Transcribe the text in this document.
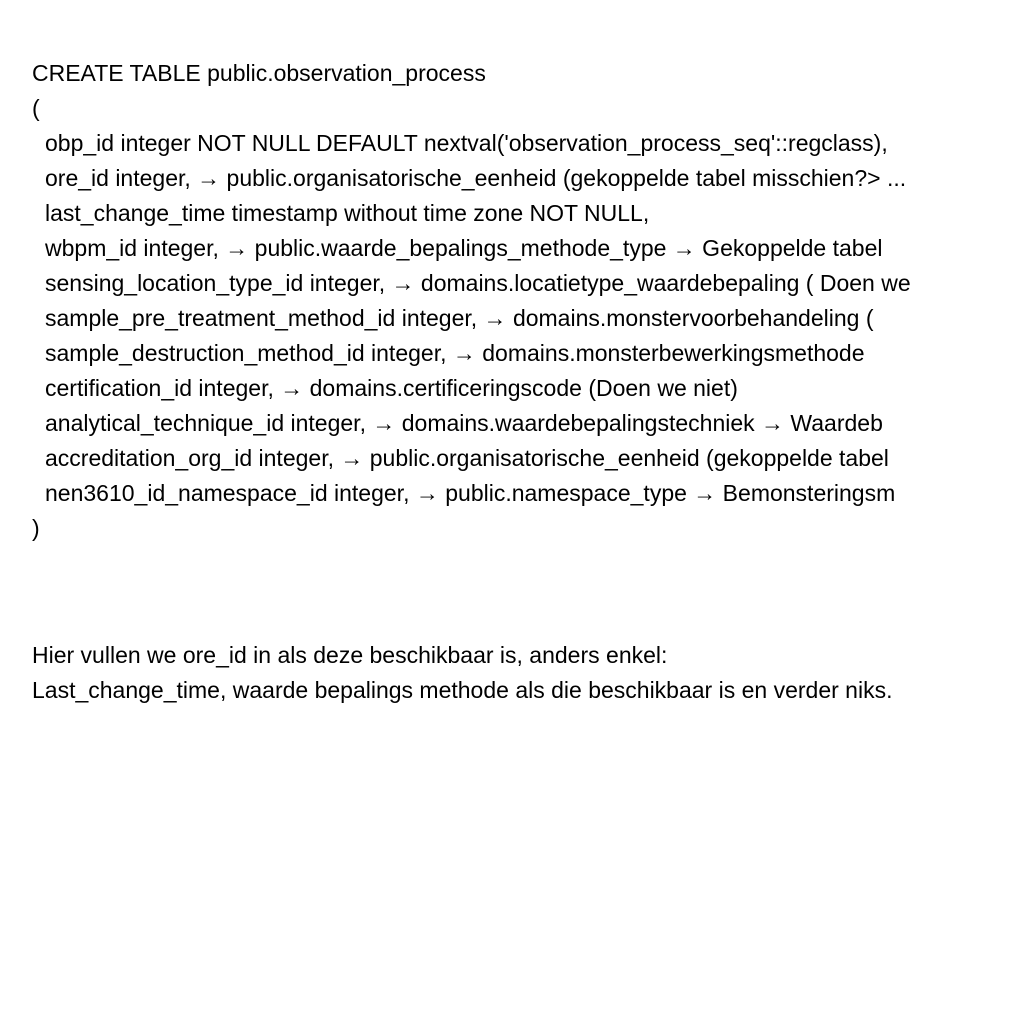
CREATE TABLE public.observation_process
(
obp_id integer NOT NULL DEFAULT nextval('observation_process_seq'::regclass),
ore_id integer, → public.organisatorische_eenheid (gekoppelde tabel misschien?> ...
last_change_time timestamp without time zone NOT NULL,
wbpm_id integer, → public.waarde_bepalings_methode_type → Gekoppelde tabel
sensing_location_type_id integer, → domains.locatietype_waardebepaling ( Doen we
sample_pre_treatment_method_id integer, → domains.monstervoorbehandeling (
sample_destruction_method_id integer, → domains.monsterbewerkingsmethode
certification_id integer, → domains.certificeringscode (Doen we niet)
analytical_technique_id integer, → domains.waardebepalingstechniek → Waardeb
accreditation_org_id integer, → public.organisatorische_eenheid (gekoppelde tabel
nen3610_id_namespace_id integer, → public.namespace_type → Bemonsteringsm
)
Hier vullen we ore_id in als deze beschikbaar is, anders enkel:
Last_change_time, waarde bepalings methode als die beschikbaar is en verder niks.
